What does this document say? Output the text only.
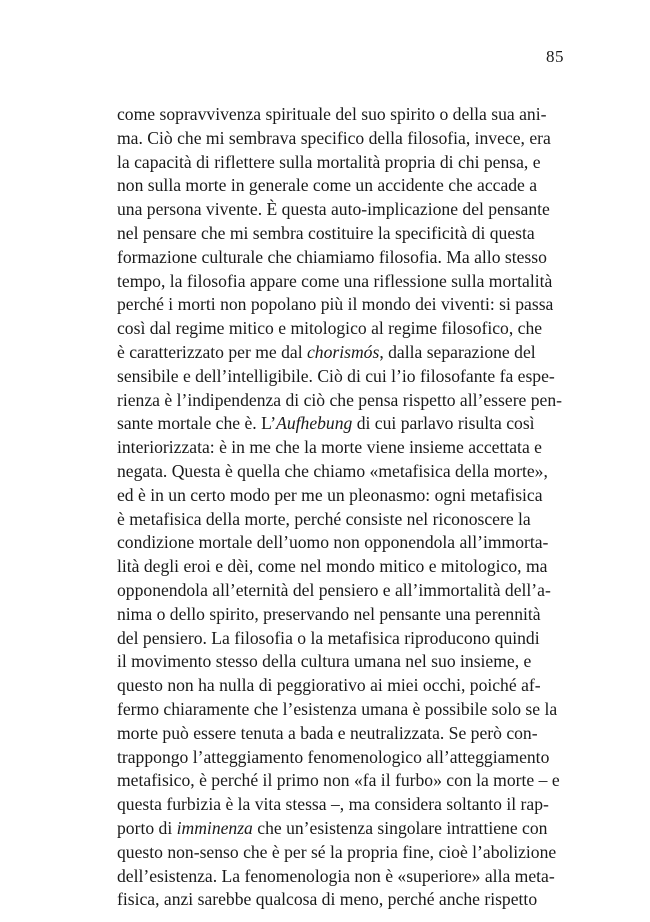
85
come sopravvivenza spirituale del suo spirito o della sua ani-
ma. Ciò che mi sembrava specifico della filosofia, invece, era
la capacità di riflettere sulla mortalità propria di chi pensa, e
non sulla morte in generale come un accidente che accade a
una persona vivente. È questa auto-implicazione del pensante
nel pensare che mi sembra costituire la specificità di questa
formazione culturale che chiamiamo filosofia. Ma allo stesso
tempo, la filosofia appare come una riflessione sulla mortalità
perché i morti non popolano più il mondo dei viventi: si passa
così dal regime mitico e mitologico al regime filosofico, che
è caratterizzato per me dal chorismós, dalla separazione del
sensibile e dell’intelligibile. Ciò di cui l’io filosofante fa espe-
rienza è l’indipendenza di ciò che pensa rispetto all’essere pen-
sante mortale che è. L’Aufhebung di cui parlavo risulta così
interiorizzata: è in me che la morte viene insieme accettata e
negata. Questa è quella che chiamo «metafisica della morte»,
ed è in un certo modo per me un pleonasmo: ogni metafisica
è metafisica della morte, perché consiste nel riconoscere la
condizione mortale dell’uomo non opponendola all’immorta-
lità degli eroi e dèi, come nel mondo mitico e mitologico, ma
opponendola all’eternità del pensiero e all’immortalità dell’a-
nima o dello spirito, preservando nel pensante una perennità
del pensiero. La filosofia o la metafisica riproducono quindi
il movimento stesso della cultura umana nel suo insieme, e
questo non ha nulla di peggiorativo ai miei occhi, poiché af-
fermo chiaramente che l’esistenza umana è possibile solo se la
morte può essere tenuta a bada e neutralizzata. Se però con-
trappongo l’atteggiamento fenomenologico all’atteggiamento
metafisico, è perché il primo non «fa il furbo» con la morte – e
questa furbizia è la vita stessa –, ma considera soltanto il rap-
porto di imminenza che un’esistenza singolare intrattiene con
questo non-senso che è per sé la propria fine, cioè l’abolizione
dell’esistenza. La fenomenologia non è «superiore» alla meta-
fisica, anzi sarebbe qualcosa di meno, perché anche rispetto
